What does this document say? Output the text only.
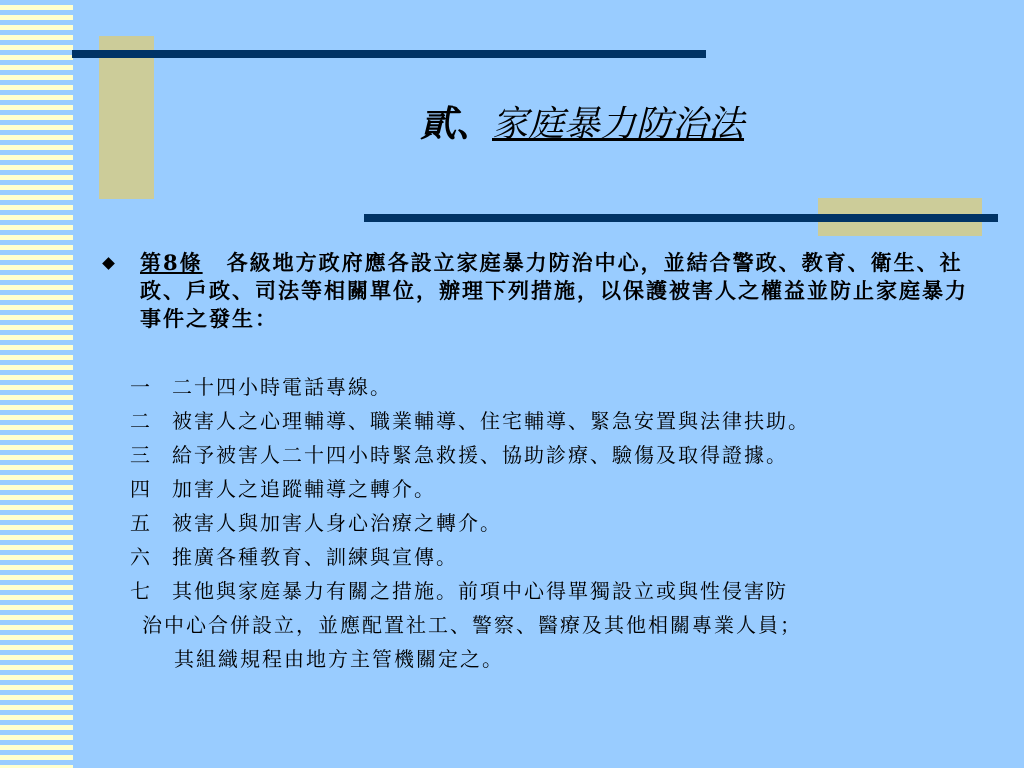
貳、家庭暴力防治法
第8條 各級地方政府應各設立家庭暴力防治中心，並結合警政、教育、衛生、社政、戶政、司法等相關單位，辦理下列措施，以保護被害人之權益並防止家庭暴力事件之發生：
一	二十四小時電話專線。
二	被害人之心理輔導、職業輔導、住宅輔導、緊急安置與法律扶助。
三	給予被害人二十四小時緊急救援、協助診療、驗傷及取得證據。
四	加害人之追蹤輔導之轉介。
五	被害人與加害人身心治療之轉介。
六	推廣各種教育、訓練與宣傳。
七	其他與家庭暴力有關之措施。前項中心得單獨設立或與性侵害防
治中心合併設立，並應配置社工、警察、醫療及其他相關專業人員；
其組織規程由地方主管機關定之。
